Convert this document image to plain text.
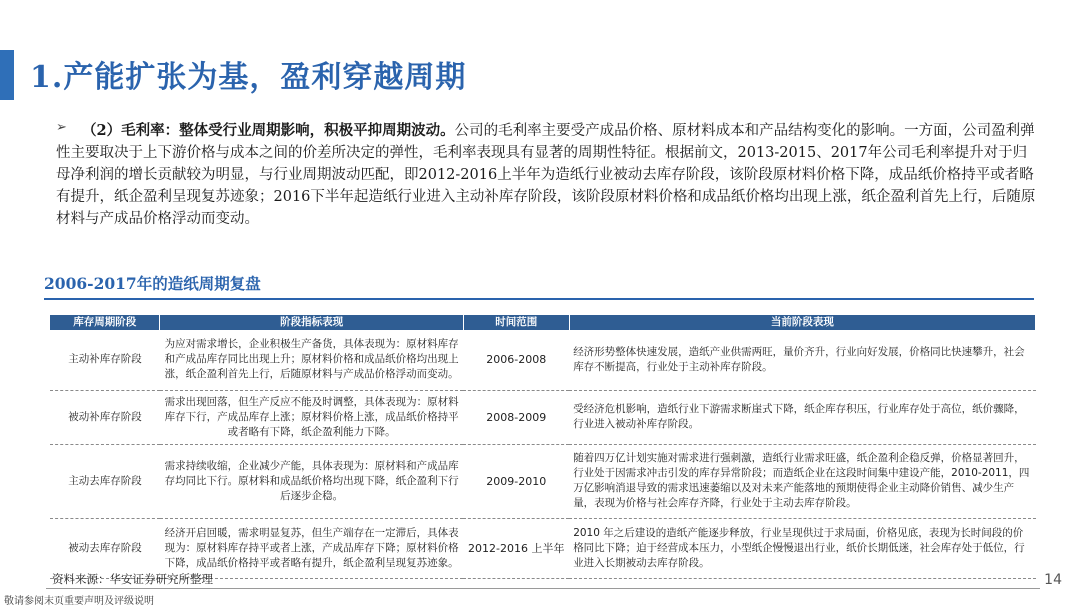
1.产能扩张为基，盈利穿越周期
➢	（2）毛利率：整体受行业周期影响，积极平抑周期波动。公司的毛利率主要受产成品价格、原材料成本和产品结构变化的影响。一方面，公司盈利弹性主要取决于上下游价格与成本之间的价差所决定的弹性，毛利率表现具有显著的周期性特征。根据前文，2013-2015、2017年公司毛利率提升对于归母净利润的增长贡献较为明显，与行业周期波动匹配，即2012-2016上半年为造纸行业被动去库存阶段，该阶段原材料价格下降，成品纸价格持平或者略有提升，纸企盈利呈现复苏迹象；2016下半年起造纸行业进入主动补库存阶段，该阶段原材料价格和成品纸价格均出现上涨，纸企盈利首先上行，后随原材料与产成品价格浮动而变动。

2006-2017年的造纸周期复盘
库存周期阶段	阶段指标表现	时间范围	当前阶段表现
主动补库存阶段	为应对需求增长，企业积极生产备货，具体表现为：原材料库存和产成品库存同比出现上升；原材料价格和成品纸价格均出现上涨，纸企盈利首先上行，后随原材料与产成品价格浮动而变动。	2006-2008	经济形势整体快速发展，造纸产业供需两旺，量价齐升，行业向好发展，价格同比快速攀升，社会库存不断提高，行业处于主动补库存阶段。
被动补库存阶段	需求出现回落，但生产反应不能及时调整，具体表现为：原材料库存下行，产成品库存上涨；原材料价格上涨，成品纸价格持平或者略有下降，纸企盈利能力下降。	2008-2009	受经济危机影响，造纸行业下游需求断崖式下降，纸企库存积压，行业库存处于高位，纸价骤降，行业进入被动补库存阶段。
主动去库存阶段	需求持续收缩，企业减少产能，具体表现为：原材料和产成品库存均同比下行。原材料和成品纸价格均出现下降，纸企盈利下行后逐步企稳。	2009-2010	随着四万亿计划实施对需求进行强刺激，造纸行业需求旺盛，纸企盈利企稳反弹，价格显著回升，行业处于因需求冲击引发的库存异常阶段；而造纸企业在这段时间集中建设产能，2010-2011，四万亿影响消退导致的需求迅速萎缩以及对未来产能落地的预期使得企业主动降价销售、减少生产量，表现为价格与社会库存齐降，行业处于主动去库存阶段。
被动去库存阶段	经济开启回暖，需求明显复苏，但生产端存在一定滞后，具体表现为：原材料库存持平或者上涨，产成品库存下降；原材料价格下降，成品纸价格持平或者略有提升，纸企盈利呈现复苏迹象。	2012-2016 上半年	2010 年之后建设的造纸产能逐步释放，行业呈现供过于求局面，价格见底，表现为长时间段的价格同比下降；迫于经营成本压力，小型纸企慢慢退出行业，纸价长期低迷，社会库存处于低位，行业进入长期被动去库存阶段。
资料来源：华安证券研究所整理	14
敬请参阅末页重要声明及评级说明
